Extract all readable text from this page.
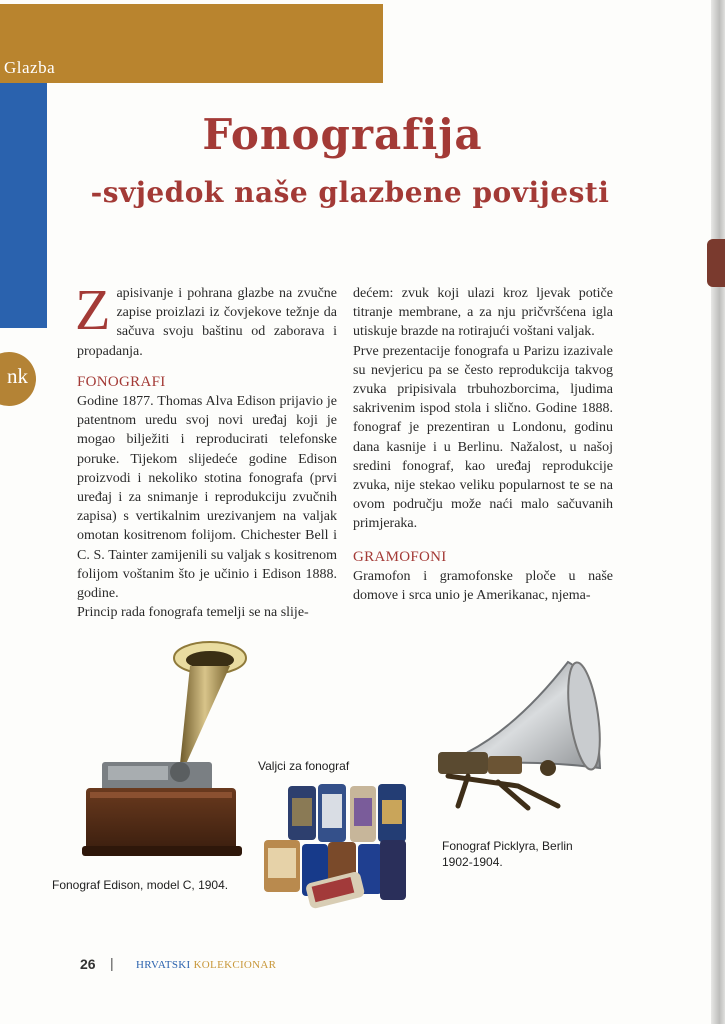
Glazba
nk
Fonografija
-svjedok naše glazbene povijesti

Zapisivanje i pohrana glazbe na zvučne zapise proizlazi iz čovjekove težnje da sačuva svoju baštinu od zaborava i propadanja.

FONOGRAFI

Godine 1877. Thomas Alva Edison prijavio je patentnom uredu svoj novi uređaj koji je mogao bilježiti i reproducirati telefonske poruke. Tijekom slijedeće godine Edison proizvodi i nekoliko stotina fonografa (prvi uređaj i za snimanje i reprodukciju zvučnih zapisa) s vertikalnim urezivanjem na valjak omotan kositrenom folijom. Chichester Bell i C. S. Tainter zamijenili su valjak s kositrenom folijom voštanim što je učinio i Edison 1888. godine.

Princip rada fonografa temelji se na slije-

dećem: zvuk koji ulazi kroz ljevak potiče titranje membrane, a za nju pričvršćena igla utiskuje brazde na rotirajući voštani valjak.

Prve prezentacije fonografa u Parizu izazivale su nevjericu pa se često reprodukcija takvog zvuka pripisivala trbuhozborcima, ljudima sakrivenim ispod stola i slično. Godine 1888. fonograf je prezentiran u Londonu, godinu dana kasnije i u Berlinu. Nažalost, u našoj sredini fonograf, kao uređaj reprodukcije zvuka, nije stekao veliku popularnost te se na ovom području može naći malo sačuvanih primjeraka.

GRAMOFONI

Gramofon i gramofonske ploče u naše domove i srca unio je Amerikanac, njema-

Fonograf Edison, model C, 1904.
Valjci za fonograf
Fonograf Picklyra, Berlin
1902-1904.
26 | HRVATSKI KOLEKCIONAR
